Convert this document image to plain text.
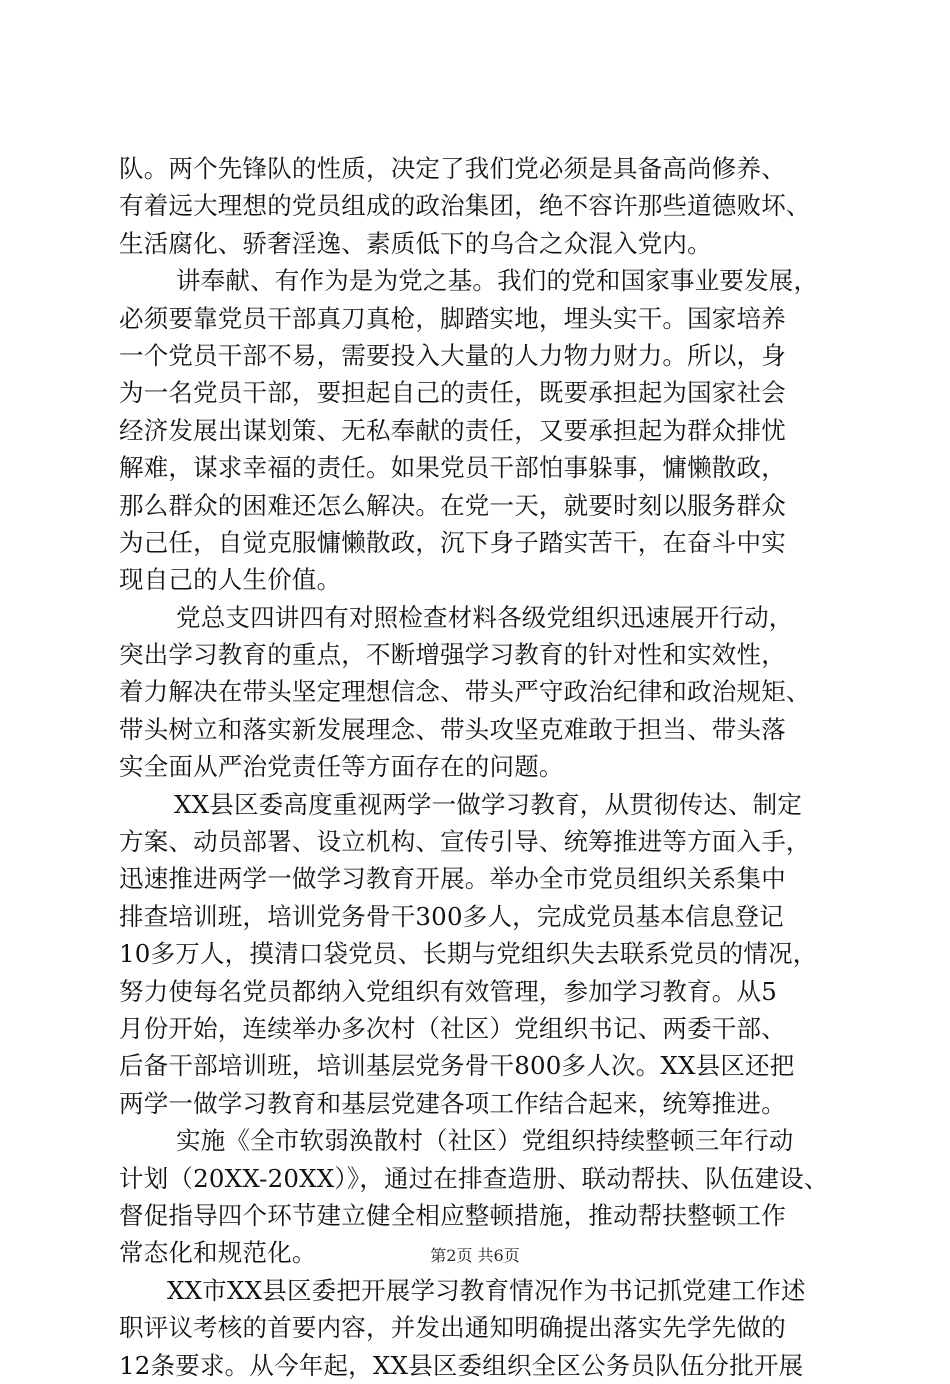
队。两个先锋队的性质，决定了我们党必须是具备高尚修养、
有着远大理想的党员组成的政治集团，绝不容许那些道德败坏、
生活腐化、骄奢淫逸、素质低下的乌合之众混入党内。
讲奉献、有作为是为党之基。我们的党和国家事业要发展，
必须要靠党员干部真刀真枪，脚踏实地，埋头实干。国家培养
一个党员干部不易，需要投入大量的人力物力财力。所以，身
为一名党员干部，要担起自己的责任，既要承担起为国家社会
经济发展出谋划策、无私奉献的责任，又要承担起为群众排忧
解难，谋求幸福的责任。如果党员干部怕事躲事，慵懒散政，
那么群众的困难还怎么解决。在党一天，就要时刻以服务群众
为己任，自觉克服慵懒散政，沉下身子踏实苦干，在奋斗中实
现自己的人生价值。
党总支四讲四有对照检查材料各级党组织迅速展开行动，
突出学习教育的重点，不断增强学习教育的针对性和实效性，
着力解决在带头坚定理想信念、带头严守政治纪律和政治规矩、
带头树立和落实新发展理念、带头攻坚克难敢于担当、带头落
实全面从严治党责任等方面存在的问题。
XX县区委高度重视两学一做学习教育，从贯彻传达、制定
方案、动员部署、设立机构、宣传引导、统筹推进等方面入手，
迅速推进两学一做学习教育开展。举办全市党员组织关系集中
排查培训班，培训党务骨干300多人，完成党员基本信息登记
10多万人，摸清口袋党员、长期与党组织失去联系党员的情况，
努力使每名党员都纳入党组织有效管理，参加学习教育。从5
月份开始，连续举办多次村（社区）党组织书记、两委干部、
后备干部培训班，培训基层党务骨干800多人次。XX县区还把
两学一做学习教育和基层党建各项工作结合起来，统筹推进。
实施《全市软弱涣散村（社区）党组织持续整顿三年行动
计划（20XX-20XX）》，通过在排查造册、联动帮扶、队伍建设、
督促指导四个环节建立健全相应整顿措施，推动帮扶整顿工作
常态化和规范化。
XX市XX县区委把开展学习教育情况作为书记抓党建工作述
职评议考核的首要内容，并发出通知明确提出落实先学先做的
12条要求。从今年起，XX县区委组织全区公务员队伍分批开展
第2页 共6页
